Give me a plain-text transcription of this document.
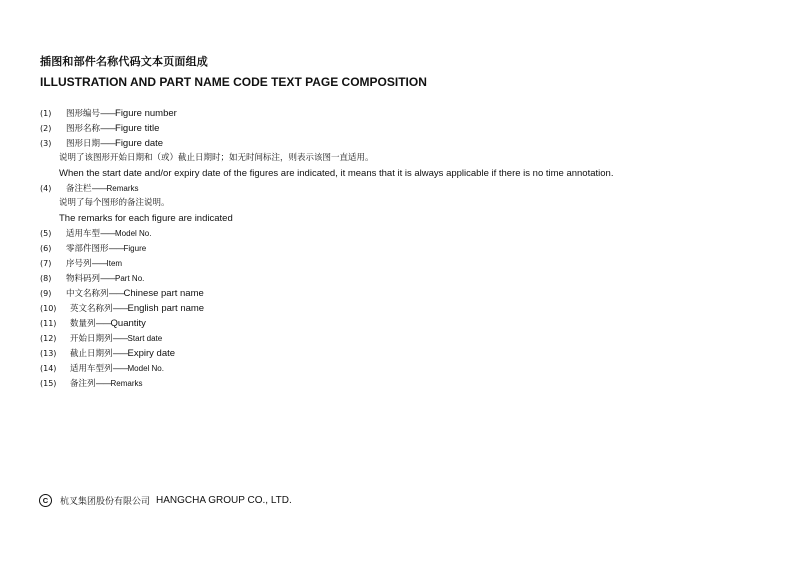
插图和部件名称代码文本页面组成
ILLUSTRATION AND PART NAME CODE TEXT PAGE COMPOSITION
(1) 图形编号——Figure number
(2) 图形名称——Figure title
(3) 图形日期——Figure date
说明了该图形开始日期和（或）截止日期时；如无时间标注，则表示该图一直适用。
When the start date and/or expiry date of the figures are indicated, it means that it is always applicable if there is no time annotation.
(4) 备注栏——Remarks
说明了每个图形的备注说明。
The remarks for each figure are indicated
(5) 适用车型——Model No.
(6) 零部件图形——Figure
(7) 序号列——Item
(8) 物料码列——Part No.
(9) 中文名称列——Chinese part name
(10) 英文名称列——English part name
(11) 数量列——Quantity
(12) 开始日期列——Start date
(13) 截止日期列——Expiry date
(14) 适用车型列——Model No.
(15) 备注列——Remarks
C	杭叉集团股份有限公司 HANGCHA GROUP CO., LTD.
